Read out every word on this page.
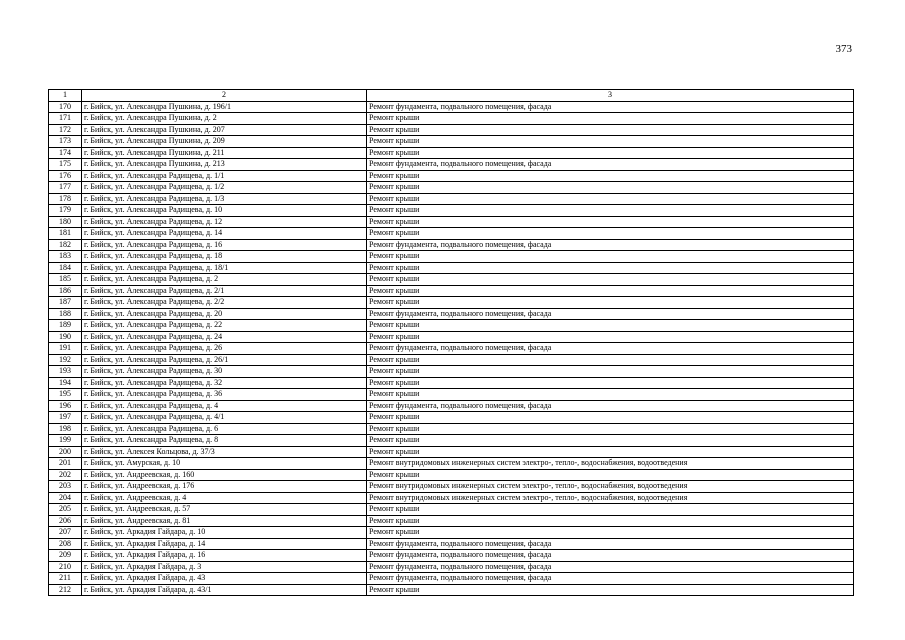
373
1	2	3
170	г. Бийск, ул. Александра Пушкина, д. 196/1	Ремонт фундамента, подвального помещения, фасада
171	г. Бийск, ул. Александра Пушкина, д. 2	Ремонт крыши
172	г. Бийск, ул. Александра Пушкина, д. 207	Ремонт крыши
173	г. Бийск, ул. Александра Пушкина, д. 209	Ремонт крыши
174	г. Бийск, ул. Александра Пушкина, д. 211	Ремонт крыши
175	г. Бийск, ул. Александра Пушкина, д. 213	Ремонт фундамента, подвального помещения, фасада
176	г. Бийск, ул. Александра Радищева, д. 1/1	Ремонт крыши
177	г. Бийск, ул. Александра Радищева, д. 1/2	Ремонт крыши
178	г. Бийск, ул. Александра Радищева, д. 1/3	Ремонт крыши
179	г. Бийск, ул. Александра Радищева, д. 10	Ремонт крыши
180	г. Бийск, ул. Александра Радищева, д. 12	Ремонт крыши
181	г. Бийск, ул. Александра Радищева, д. 14	Ремонт крыши
182	г. Бийск, ул. Александра Радищева, д. 16	Ремонт фундамента, подвального помещения, фасада
183	г. Бийск, ул. Александра Радищева, д. 18	Ремонт крыши
184	г. Бийск, ул. Александра Радищева, д. 18/1	Ремонт крыши
185	г. Бийск, ул. Александра Радищева, д. 2	Ремонт крыши
186	г. Бийск, ул. Александра Радищева, д. 2/1	Ремонт крыши
187	г. Бийск, ул. Александра Радищева, д. 2/2	Ремонт крыши
188	г. Бийск, ул. Александра Радищева, д. 20	Ремонт фундамента, подвального помещения, фасада
189	г. Бийск, ул. Александра Радищева, д. 22	Ремонт крыши
190	г. Бийск, ул. Александра Радищева, д. 24	Ремонт крыши
191	г. Бийск, ул. Александра Радищева, д. 26	Ремонт фундамента, подвального помещения, фасада
192	г. Бийск, ул. Александра Радищева, д. 26/1	Ремонт крыши
193	г. Бийск, ул. Александра Радищева, д. 30	Ремонт крыши
194	г. Бийск, ул. Александра Радищева, д. 32	Ремонт крыши
195	г. Бийск, ул. Александра Радищева, д. 36	Ремонт крыши
196	г. Бийск, ул. Александра Радищева, д. 4	Ремонт фундамента, подвального помещения, фасада
197	г. Бийск, ул. Александра Радищева, д. 4/1	Ремонт крыши
198	г. Бийск, ул. Александра Радищева, д. 6	Ремонт крыши
199	г. Бийск, ул. Александра Радищева, д. 8	Ремонт крыши
200	г. Бийск, ул. Алексея Кольцова, д. 37/3	Ремонт крыши
201	г. Бийск, ул. Амурская, д. 10	Ремонт внутридомовых инженерных систем электро-, тепло-, водоснабжения, водоотведения
202	г. Бийск, ул. Андреевская, д. 160	Ремонт крыши
203	г. Бийск, ул. Андреевская, д. 176	Ремонт внутридомовых инженерных систем электро-, тепло-, водоснабжения, водоотведения
204	г. Бийск, ул. Андреевская, д. 4	Ремонт внутридомовых инженерных систем электро-, тепло-, водоснабжения, водоотведения
205	г. Бийск, ул. Андреевская, д. 57	Ремонт крыши
206	г. Бийск, ул. Андреевская, д. 81	Ремонт крыши
207	г. Бийск, ул. Аркадия Гайдара, д. 10	Ремонт крыши
208	г. Бийск, ул. Аркадия Гайдара, д. 14	Ремонт фундамента, подвального помещения, фасада
209	г. Бийск, ул. Аркадия Гайдара, д. 16	Ремонт фундамента, подвального помещения, фасада
210	г. Бийск, ул. Аркадия Гайдара, д. 3	Ремонт фундамента, подвального помещения, фасада
211	г. Бийск, ул. Аркадия Гайдара, д. 43	Ремонт фундамента, подвального помещения, фасада
212	г. Бийск, ул. Аркадия Гайдара, д. 43/1	Ремонт крыши
